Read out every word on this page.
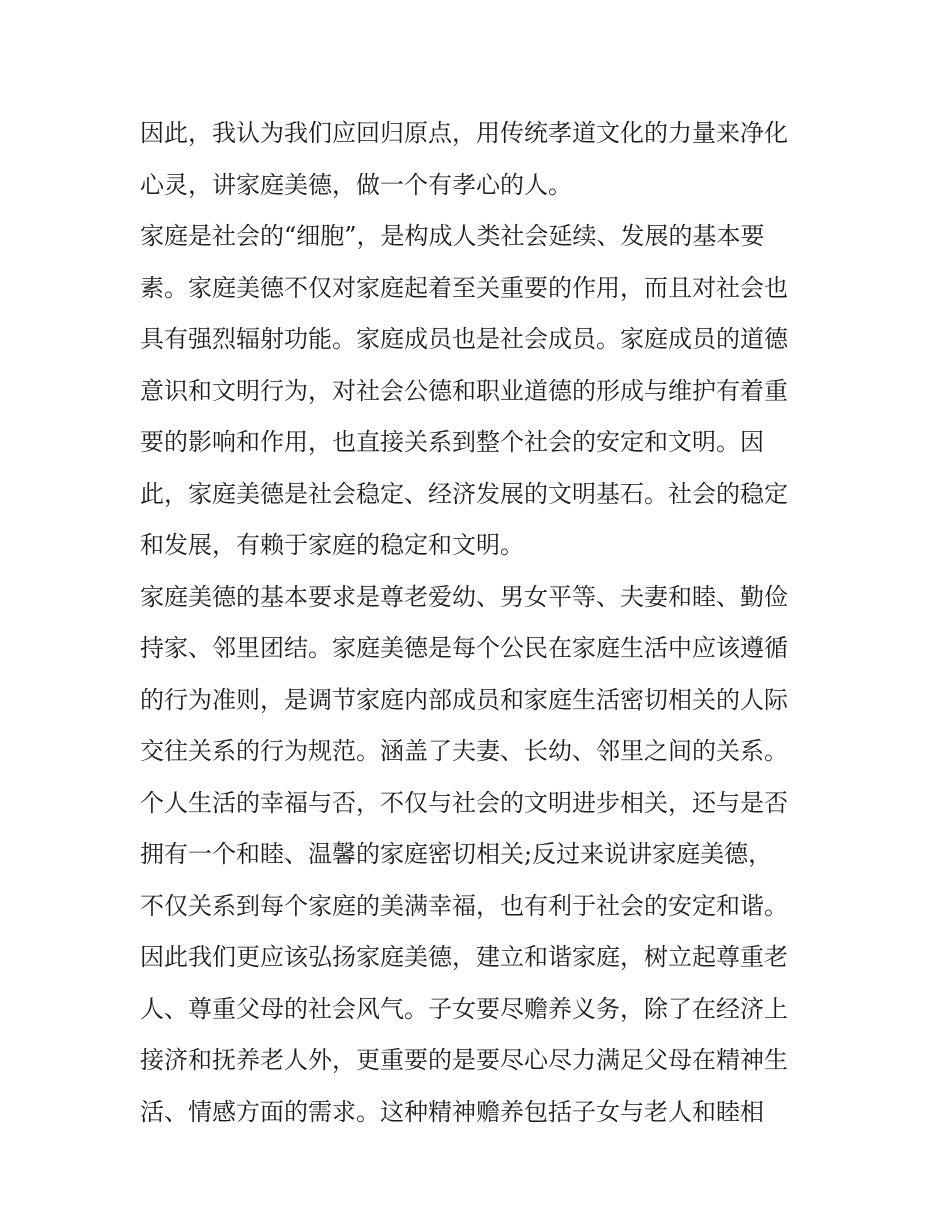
因此，我认为我们应回归原点，用传统孝道文化的力量来净化
心灵，讲家庭美德，做一个有孝心的人。
家庭是社会的“细胞”，是构成人类社会延续、发展的基本要
素。家庭美德不仅对家庭起着至关重要的作用，而且对社会也
具有强烈辐射功能。家庭成员也是社会成员。家庭成员的道德
意识和文明行为，对社会公德和职业道德的形成与维护有着重
要的影响和作用，也直接关系到整个社会的安定和文明。因
此，家庭美德是社会稳定、经济发展的文明基石。社会的稳定
和发展，有赖于家庭的稳定和文明。
家庭美德的基本要求是尊老爱幼、男女平等、夫妻和睦、勤俭
持家、邻里团结。家庭美德是每个公民在家庭生活中应该遵循
的行为准则，是调节家庭内部成员和家庭生活密切相关的人际
交往关系的行为规范。涵盖了夫妻、长幼、邻里之间的关系。
个人生活的幸福与否，不仅与社会的文明进步相关，还与是否
拥有一个和睦、温馨的家庭密切相关;反过来说讲家庭美德，
不仅关系到每个家庭的美满幸福，也有利于社会的安定和谐。
因此我们更应该弘扬家庭美德，建立和谐家庭，树立起尊重老
人、尊重父母的社会风气。子女要尽赡养义务，除了在经济上
接济和抚养老人外，更重要的是要尽心尽力满足父母在精神生
活、情感方面的需求。这种精神赡养包括子女与老人和睦相
